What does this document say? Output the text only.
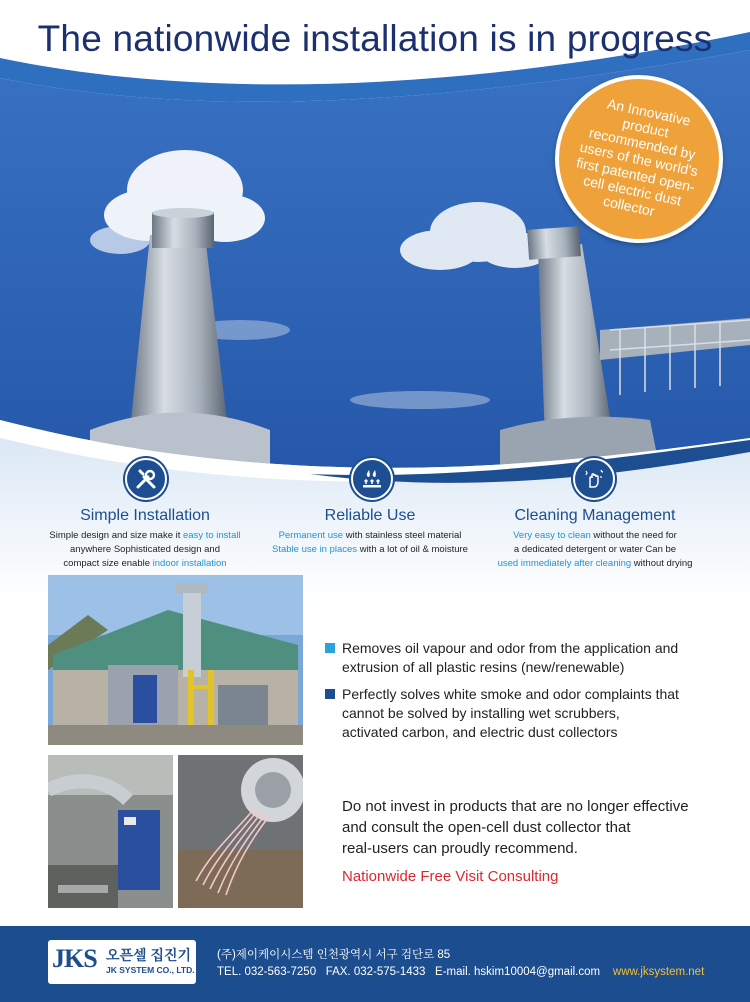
The nationwide installation is in progress
An Innovative product recommended by users of the world's first patented open-cell electric dust collector
Simple Installation
Simple design and size make it easy to install
anywhere Sophisticated design and
compact size enable indoor installation
Reliable Use
Permanent use with stainless steel material
Stable use in places with a lot of oil & moisture
Cleaning Management
Very easy to clean without the need for
a dedicated detergent or water Can be
used immediately after cleaning without drying
Removes oil vapour and odor from the application and
extrusion of all plastic resins (new/renewable)
Perfectly solves white smoke and odor complaints that
cannot be solved by installing wet scrubbers,
activated carbon, and electric dust collectors
Do not invest in products that are no longer effective
and consult the open-cell dust collector that
real-users can proudly recommend.
Nationwide Free Visit Consulting
JKS 오픈셀 집진기
JK SYSTEM CO., LTD.
(주)제이케이시스템 인천광역시 서구 검단로 85
TEL. 032-563-7250 FAX. 032-575-1433 E-mail. hskim10004@gmail.com www.jksystem.net
